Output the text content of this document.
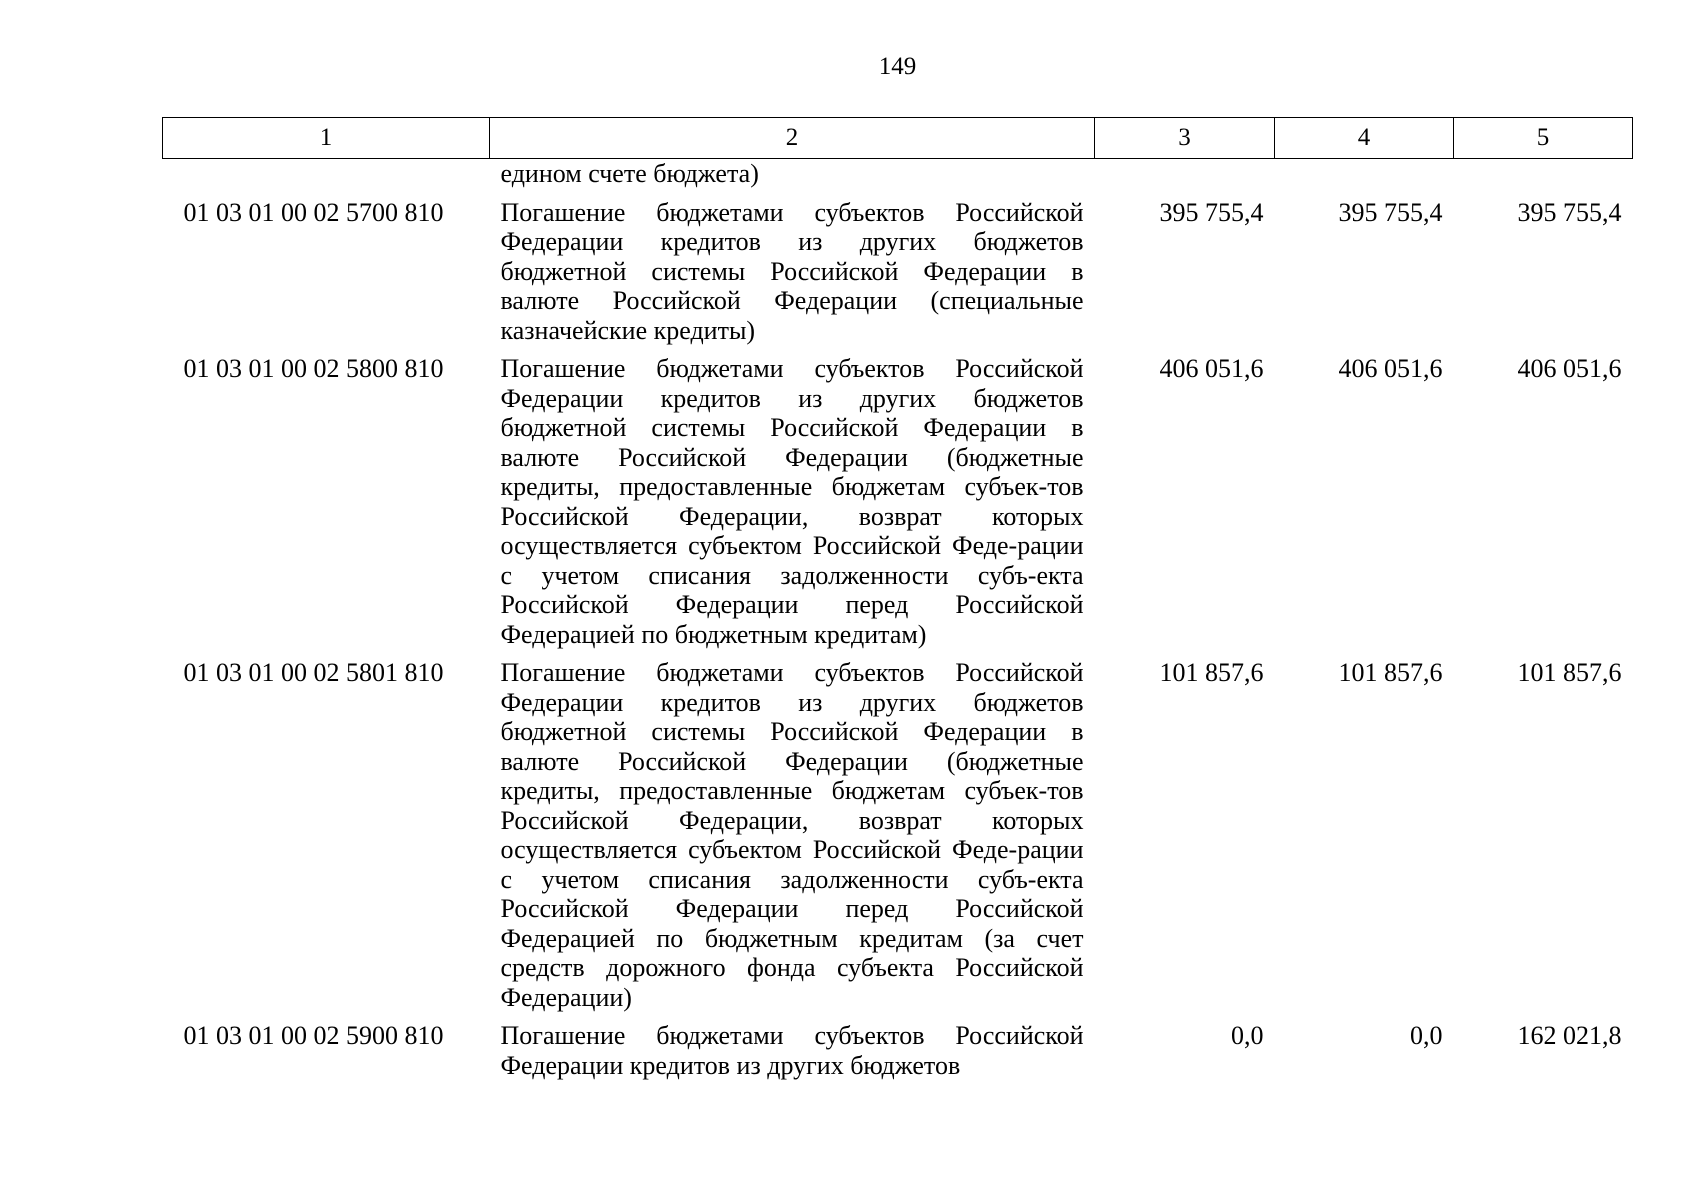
149
1	2	3	4	5
	едином счете бюджета)			
01 03 01 00 02 5700 810	Погашение бюджетами субъектов Российской Федерации кредитов из других бюджетов бюджетной системы Российской Федерации в валюте Российской Федерации (специальные казначейские кредиты)	395 755,4	395 755,4	395 755,4
01 03 01 00 02 5800 810	Погашение бюджетами субъектов Российской Федерации кредитов из других бюджетов бюджетной системы Российской Федерации в валюте Российской Федерации (бюджетные кредиты, предоставленные бюджетам субъек-тов Российской Федерации, возврат которых осуществляется субъектом Российской Феде-рации с учетом списания задолженности субъ-екта Российской Федерации перед Российской Федерацией по бюджетным кредитам)	406 051,6	406 051,6	406 051,6
01 03 01 00 02 5801 810	Погашение бюджетами субъектов Российской Федерации кредитов из других бюджетов бюджетной системы Российской Федерации в валюте Российской Федерации (бюджетные кредиты, предоставленные бюджетам субъек-тов Российской Федерации, возврат которых осуществляется субъектом Российской Феде-рации с учетом списания задолженности субъ-екта Российской Федерации перед Российской Федерацией по бюджетным кредитам (за счет средств дорожного фонда субъекта Российской Федерации)	101 857,6	101 857,6	101 857,6
01 03 01 00 02 5900 810	Погашение бюджетами субъектов Российской Федерации кредитов из других бюджетов	0,0	0,0	162 021,8
